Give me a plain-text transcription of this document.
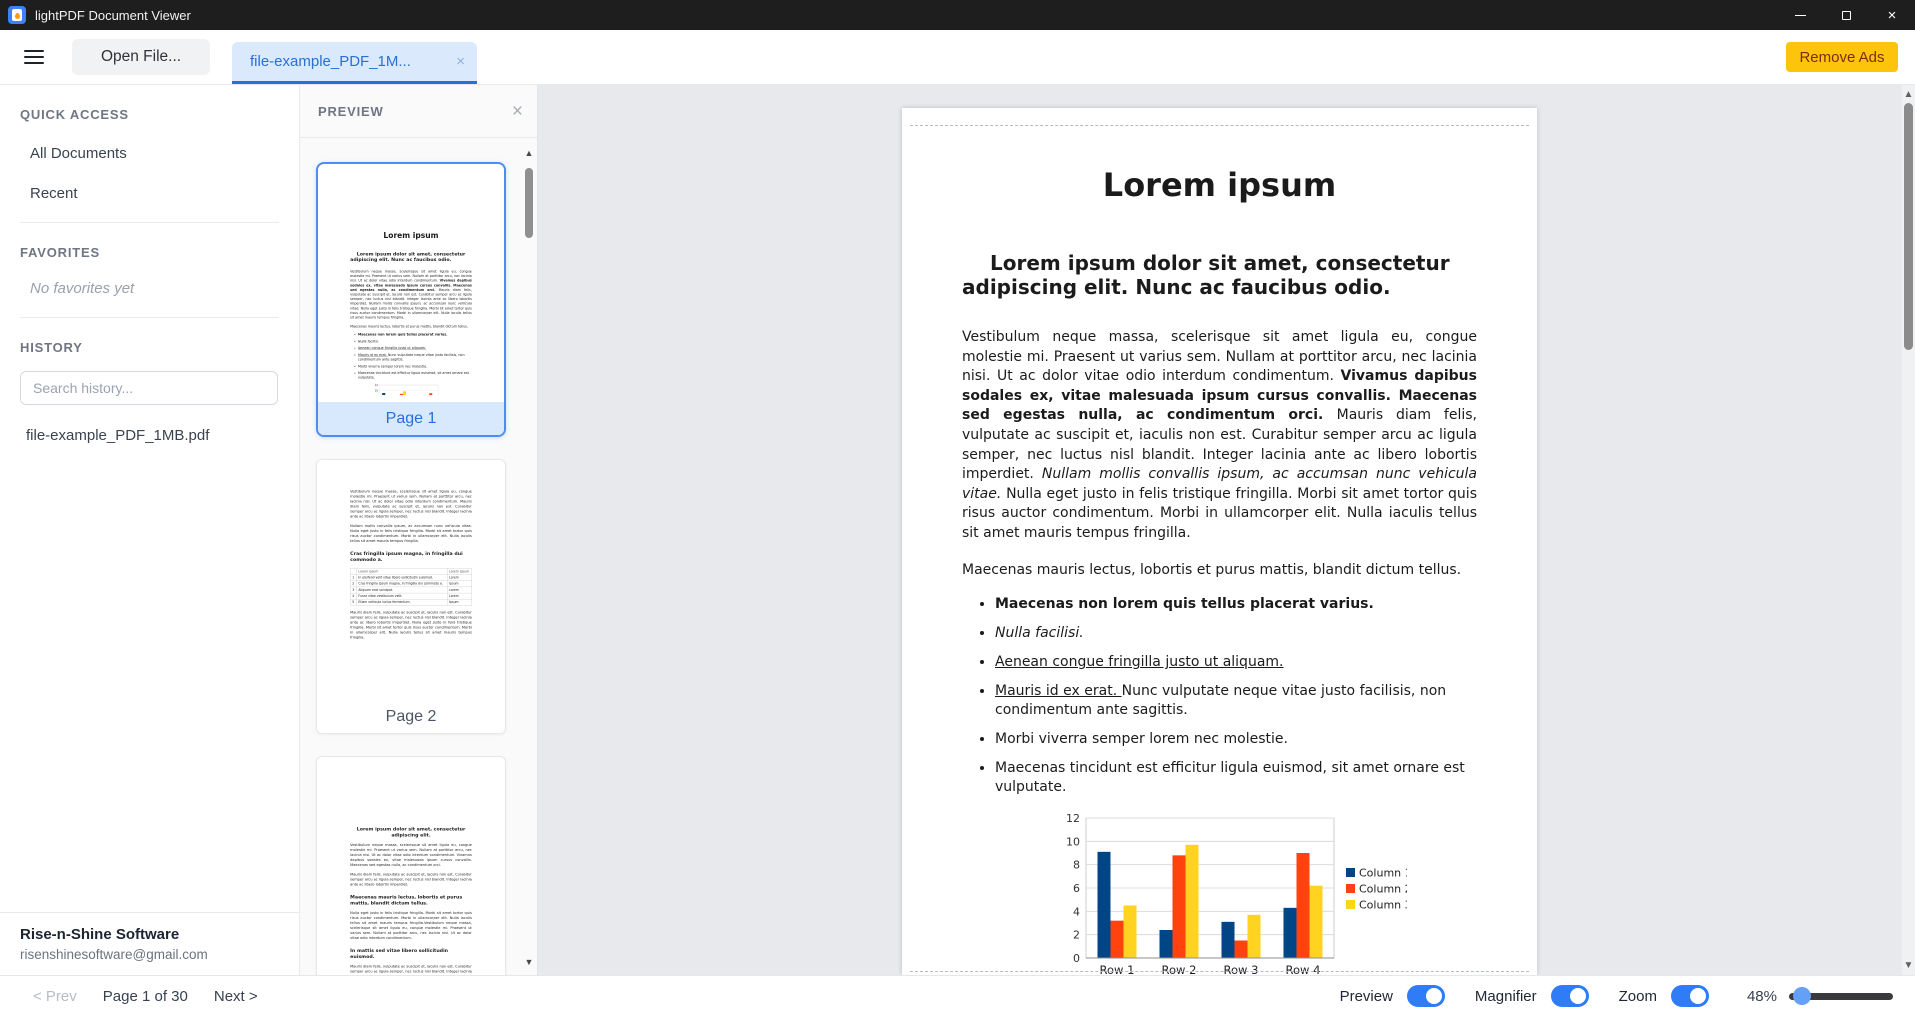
lightPDF Document Viewer	×
Open File...	file-example_PDF_1M...	×	Remove Ads
QUICK ACCESS
All Documents
Recent
FAVORITES
No favorites yet
HISTORY
Search history...
file-example_PDF_1MB.pdf
Rise-n-Shine Software
risenshinesoftware@gmail.com
PREVIEW	×
Lorem ipsum
Lorem ipsum dolor sit amet, consectetur adipiscing elit. Nunc ac faucibus odio.
Vestibulum neque massa, scelerisque sit amet ligula eu, congue molestie mi. Praesent ut varius sem. Nullam at porttitor arcu, nec lacinia nisi. Ut ac dolor vitae odio interdum condimentum. Vivamus dapibus sodales ex, vitae malesuada ipsum cursus convallis. Maecenas sed egestas nulla, ac condimentum orci. Mauris diam felis, vulputate ac suscipit et, iaculis non est. Curabitur semper arcu ac ligula semper, nec luctus nisl blandit. Integer lacinia ante ac libero lobortis imperdiet. Nullam mollis convallis ipsum, ac accumsan nunc vehicula vitae. Nulla eget justo in felis tristique fringilla. Morbi sit amet tortor quis risus auctor condimentum. Morbi in ullamcorper elit. Nulla iaculis tellus sit amet mauris tempus fringilla.
Maecenas mauris lectus, lobortis et purus mattis, blandit dictum tellus.
• Maecenas non lorem quis tellus placerat varius.
• Nulla facilisi.
• Aenean congue fringilla justo ut aliquam.
• Mauris id ex erat. Nunc vulputate neque vitae justo facilisis, non condimentum ante sagittis.
• Morbi viverra semper lorem nec molestie.
• Maecenas tincidunt est efficitur ligula euismod, sit amet ornare est vulputate.
10
12
Page 1
Vestibulum neque massa, scelerisque sit amet ligula eu, congue molestie mi. Praesent ut varius sem. Nullam at porttitor arcu, nec lacinia nisi. Ut ac dolor vitae odio interdum condimentum. Mauris diam felis, vulputate ac suscipit et, iaculis non est. Curabitur semper arcu ac ligula semper, nec luctus nisl blandit. Integer lacinia ante ac libero lobortis imperdiet.
Nullam mollis convallis ipsum, ac accumsan nunc vehicula vitae. Nulla eget justo in felis tristique fringilla. Morbi sit amet tortor quis risus auctor condimentum. Morbi in ullamcorper elit. Nulla iaculis tellus sit amet mauris tempus fringilla.
Cras fringilla ipsum magna, in fringilla dui commodo a.
	Lorem ipsum	Lorem ipsum
1	In eleifend velit vitae libero sollicitudin euismod.	Lorem
2	Cras fringilla ipsum magna, in fringilla dui commodo a.	Ipsum
3	Aliquam erat volutpat.	Lorem
4	Fusce vitae vestibulum velit.	Lorem
5	Etiam vehicula luctus fermentum.	Ipsum
Mauris diam felis, vulputate ac suscipit et, iaculis non est. Curabitur semper arcu ac ligula semper, nec luctus nisl blandit. Integer lacinia ante ac libero lobortis imperdiet. Nulla eget justo in felis tristique fringilla. Morbi sit amet tortor quis risus auctor condimentum. Morbi in ullamcorper elit. Nulla iaculis tellus sit amet mauris tempus fringilla.
Page 2
Lorem ipsum dolor sit amet, consectetur adipiscing elit.
Vestibulum neque massa, scelerisque sit amet ligula eu, congue molestie mi. Praesent ut varius sem. Nullam at porttitor arcu, nec lacinia nisi. Ut ac dolor vitae odio interdum condimentum. Vivamus dapibus sodales ex, vitae malesuada ipsum cursus convallis. Maecenas sed egestas nulla, ac condimentum orci.
Mauris diam felis, vulputate ac suscipit et, iaculis non est. Curabitur semper arcu ac ligula semper, nec luctus nisl blandit. Integer lacinia ante ac libero lobortis imperdiet.
Maecenas mauris lectus, lobortis et purus mattis, blandit dictum tellus.
Nulla eget justo in felis tristique fringilla. Morbi sit amet tortor quis risus auctor condimentum. Morbi in ullamcorper elit. Nulla iaculis tellus sit amet mauris tempus fringilla.Vestibulum neque massa, scelerisque sit amet ligula eu, congue molestie mi. Praesent ut varius sem. Nullam at porttitor arcu, nec lacinia nisi. Ut ac dolor vitae odio interdum condimentum.
In mattis sed vitae libero sollicitudin euismod.
Mauris diam felis, vulputate ac suscipit et, iaculis non est. Curabitur semper arcu ac ligula semper, nec luctus nisl blandit. Integer lacinia
▲
▼
Lorem ipsum
Lorem ipsum dolor sit amet, consectetur adipiscing elit. Nunc ac faucibus odio.
Vestibulum neque massa, scelerisque sit amet ligula eu, congue molestie mi. Praesent ut varius sem. Nullam at porttitor arcu, nec lacinia nisi. Ut ac dolor vitae odio interdum condimentum. Vivamus dapibus sodales ex, vitae malesuada ipsum cursus convallis. Maecenas sed egestas nulla, ac condimentum orci. Mauris diam felis, vulputate ac suscipit et, iaculis non est. Curabitur semper arcu ac ligula semper, nec luctus nisl blandit. Integer lacinia ante ac libero lobortis imperdiet. Nullam mollis convallis ipsum, ac accumsan nunc vehicula vitae. Nulla eget justo in felis tristique fringilla. Morbi sit amet tortor quis risus auctor condimentum. Morbi in ullamcorper elit. Nulla iaculis tellus sit amet mauris tempus fringilla.
Maecenas mauris lectus, lobortis et purus mattis, blandit dictum tellus.
• Maecenas non lorem quis tellus placerat varius.
• Nulla facilisi.
• Aenean congue fringilla justo ut aliquam.
• Mauris id ex erat. Nunc vulputate neque vitae justo facilisis, non condimentum ante sagittis.
• Morbi viverra semper lorem nec molestie.
• Maecenas tincidunt est efficitur ligula euismod, sit amet ornare est vulputate.
0
2
4
6
8
10
12
Row 1 Row 2 Row 3 Row 4
Column 1
Column 2
Column 3
▲
▼
< Prev Page 1 of 30 Next >	Preview	Magnifier	Zoom	48%
